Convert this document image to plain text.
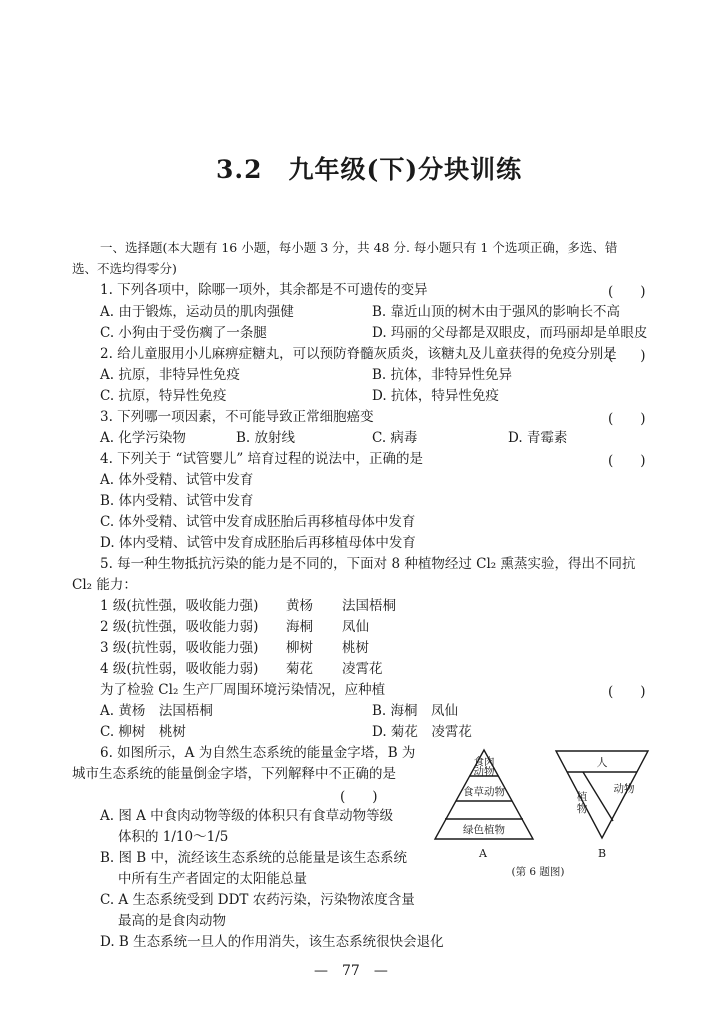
3.2 九年级(下)分块训练
一、选择题(本大题有 16 小题，每小题 3 分，共 48 分. 每小题只有 1 个选项正确，多选、错
选、不选均得零分)
1. 下列各项中，除哪一项外，其余都是不可遗传的变异	(　　)
A. 由于锻炼，运动员的肌肉强健	B. 靠近山顶的树木由于强风的影响长不高
C. 小狗由于受伤瘸了一条腿	D. 玛丽的父母都是双眼皮，而玛丽却是单眼皮
2. 给儿童服用小儿麻痹症糖丸，可以预防脊髓灰质炎，该糖丸及儿童获得的免疫分别是
(　　)
A. 抗原，非特异性免疫	B. 抗体，非特异性免异
C. 抗原，特异性免疫	D. 抗体，特异性免疫
3. 下列哪一项因素，不可能导致正常细胞癌变	(　　)
A. 化学污染物	B. 放射线	C. 病毒	D. 青霉素
4. 下列关于 “试管婴儿” 培育过程的说法中，正确的是	(　　)
A. 体外受精、试管中发育
B. 体内受精、试管中发育
C. 体外受精、试管中发育成胚胎后再移植母体中发育
D. 体内受精、试管中发育成胚胎后再移植母体中发育
5. 每一种生物抵抗污染的能力是不同的，下面对 8 种植物经过 Cl₂ 熏蒸实验，得出不同抗
Cl₂ 能力：
1 级(抗性强，吸收能力强) 黄杨 法国梧桐
2 级(抗性强，吸收能力弱) 海桐 凤仙
3 级(抗性弱，吸收能力强) 柳树 桃树
4 级(抗性弱，吸收能力弱) 菊花 凌霄花
为了检验 Cl₂ 生产厂周围环境污染情况，应种植	(　　)
A. 黄杨　法国梧桐	B. 海桐　凤仙
C. 柳树　桃树	D. 菊花　凌霄花
6. 如图所示，A 为自然生态系统的能量金字塔，B 为
城市生态系统的能量倒金字塔，下列解释中不正确的是
(　　)
A. 图 A 中食肉动物等级的体积只有食草动物等级
体积的 1/10～1/5
B. 图 B 中，流经该生态系统的总能量是该生态系统
中所有生产者固定的太阳能总量
C. A 生态系统受到 DDT 农药污染，污染物浓度含量
最高的是食肉动物
D. B 生态系统一旦人的作用消失，该生态系统很快会退化
食肉
动物
食草动物
绿色植物
A
人
动物
植
物
B
(第 6 题图)
—　77　—
